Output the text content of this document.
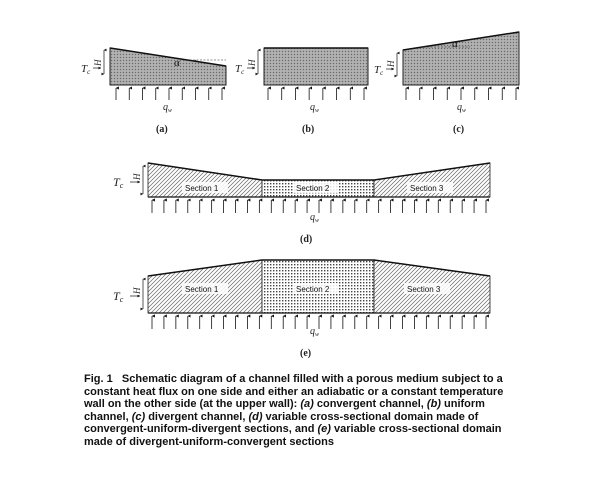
α
H
Tc
$q_w$
(a)
H
Tc
$q_w$
(b)
α
H
Tc
$q_w$
(c)
Section 1	Section 2	Section 3
H
Tc
$q_w$
(d)
Section 1	Section 2	Section 3
H
Tc
$q_w$
(e)

Fig. 1 Schematic diagram of a channel filled with a porous medium subject to a constant heat flux on one side and either an adiabatic or a constant temperature wall on the other side (at the upper wall): (a) convergent channel, (b) uniform channel, (c) divergent channel, (d) variable cross-sectional domain made of convergent-uniform-divergent sections, and (e) variable cross-sectional domain made of divergent-uniform-convergent sections
